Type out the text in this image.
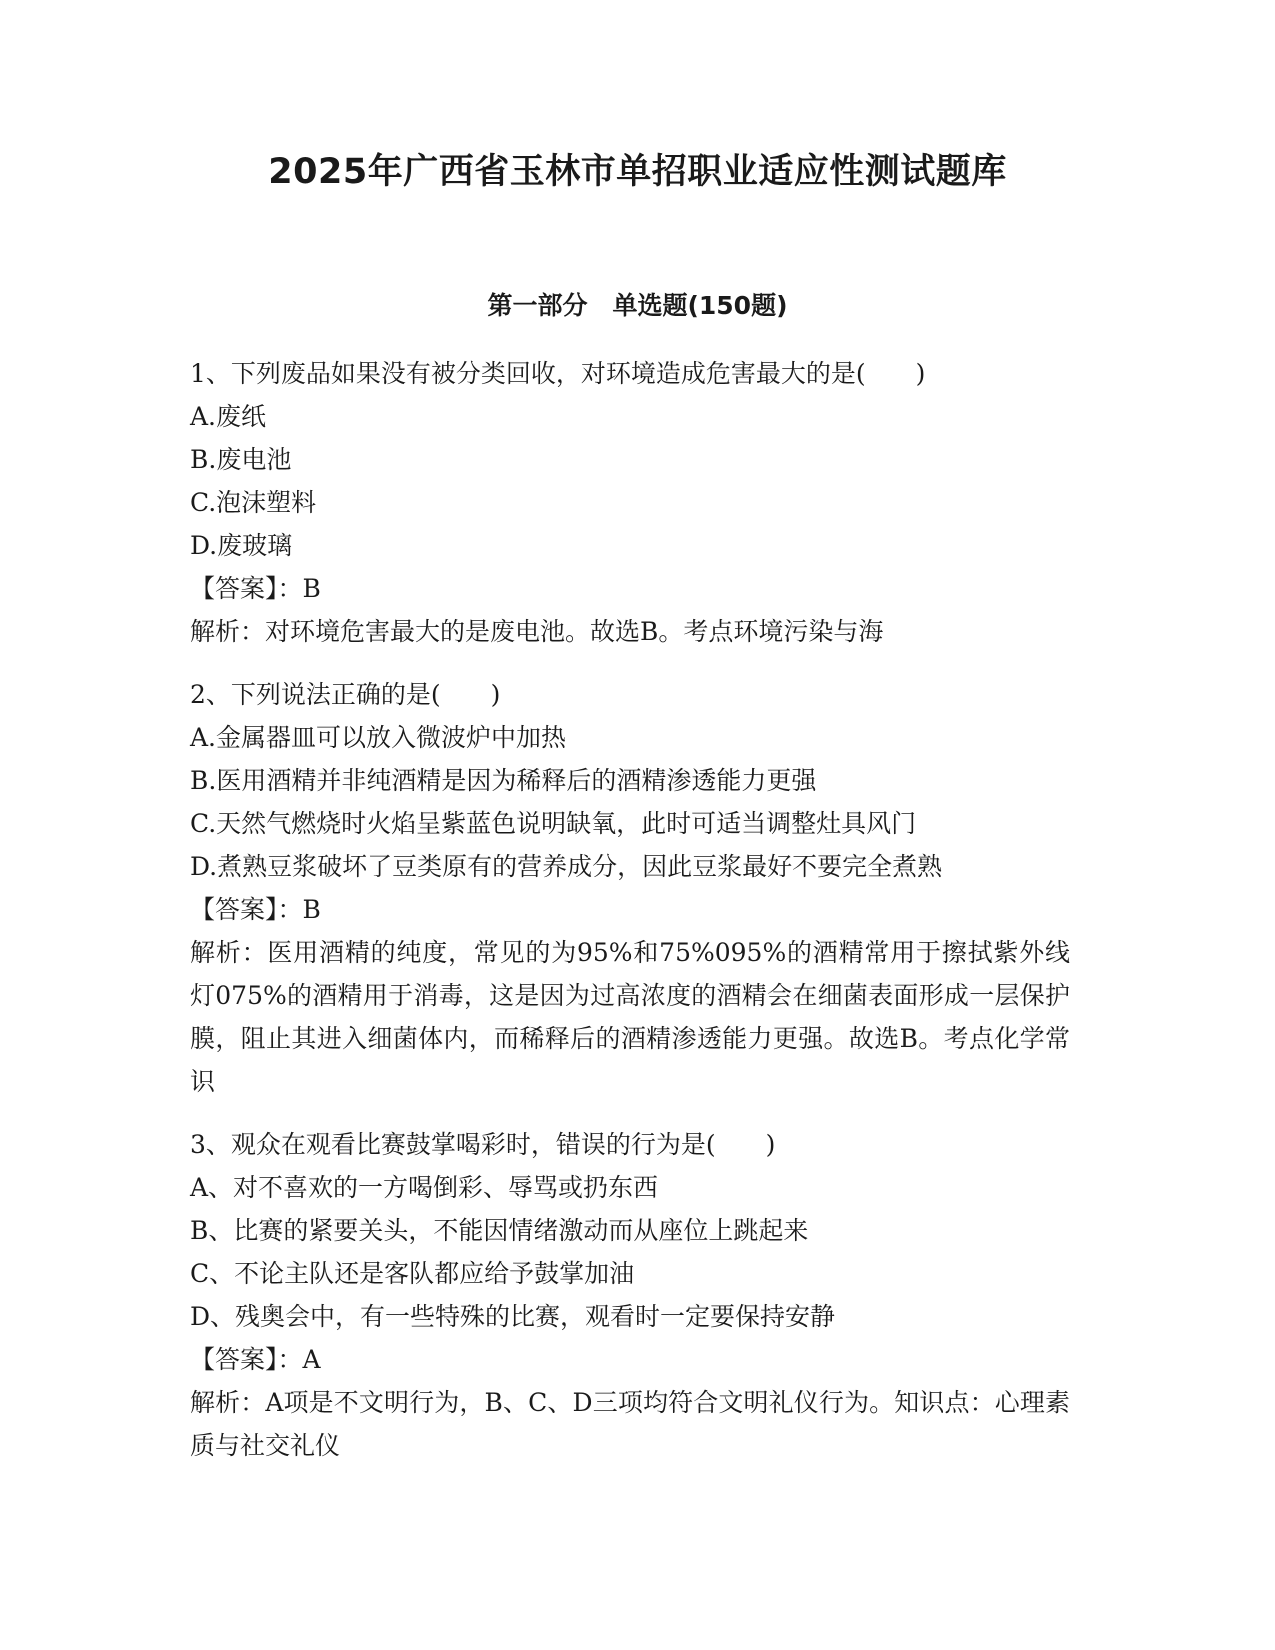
2025年广西省玉林市单招职业适应性测试题库
第一部分　单选题(150题)
1、下列废品如果没有被分类回收，对环境造成危害最大的是(　　)
A.废纸
B.废电池
C.泡沫塑料
D.废玻璃
【答案】：B
解析：对环境危害最大的是废电池。故选B。考点环境污染与海
2、下列说法正确的是(　　)
A.金属器皿可以放入微波炉中加热
B.医用酒精并非纯酒精是因为稀释后的酒精渗透能力更强
C.天然气燃烧时火焰呈紫蓝色说明缺氧，此时可适当调整灶具风门
D.煮熟豆浆破坏了豆类原有的营养成分，因此豆浆最好不要完全煮熟
【答案】：B
解析：医用酒精的纯度，常见的为95%和75%095%的酒精常用于擦拭紫外线灯075%的酒精用于消毒，这是因为过高浓度的酒精会在细菌表面形成一层保护膜，阻止其进入细菌体内，而稀释后的酒精渗透能力更强。故选B。考点化学常识
3、观众在观看比赛鼓掌喝彩时，错误的行为是(　　)
A、对不喜欢的一方喝倒彩、辱骂或扔东西
B、比赛的紧要关头，不能因情绪激动而从座位上跳起来
C、不论主队还是客队都应给予鼓掌加油
D、残奥会中，有一些特殊的比赛，观看时一定要保持安静
【答案】：A
解析：A项是不文明行为，B、C、D三项均符合文明礼仪行为。知识点：心理素质与社交礼仪
